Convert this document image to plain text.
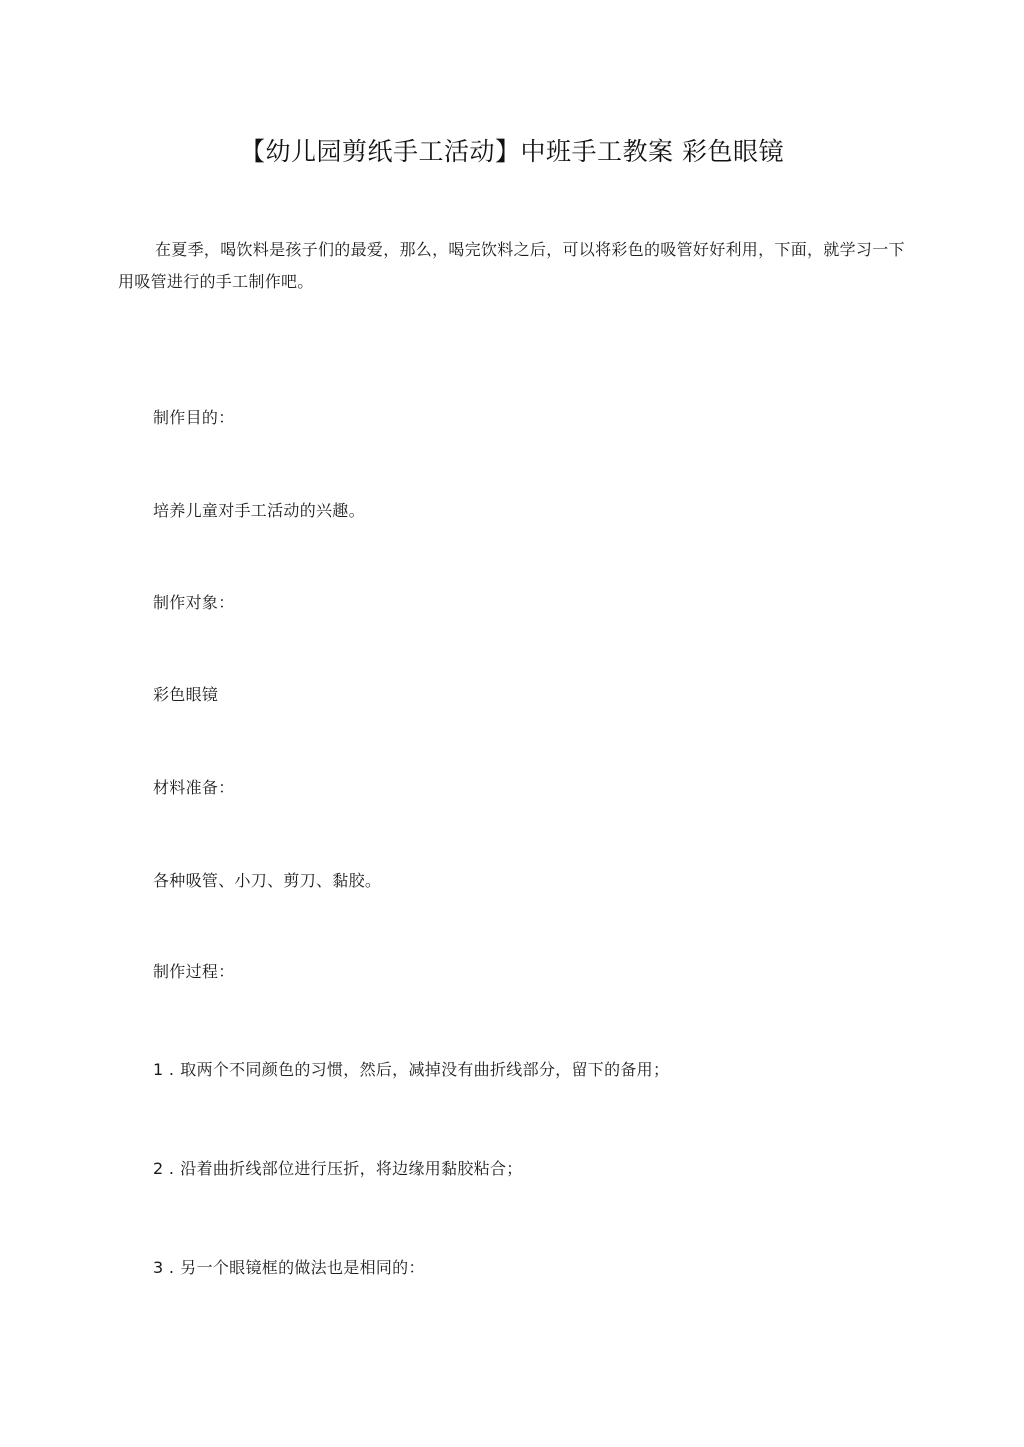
【幼儿园剪纸手工活动】中班手工教案 彩色眼镜
在夏季，喝饮料是孩子们的最爱，那么，喝完饮料之后，可以将彩色的吸管好好利用，下面，就学习一下用吸管进行的手工制作吧。
制作目的：
培养儿童对手工活动的兴趣。
制作对象：
彩色眼镜
材料准备：
各种吸管、小刀、剪刀、黏胶。
制作过程：
1 . 取两个不同颜色的习惯，然后，减掉没有曲折线部分，留下的备用；
2 . 沿着曲折线部位进行压折，将边缘用黏胶粘合；
3 . 另一个眼镜框的做法也是相同的：
